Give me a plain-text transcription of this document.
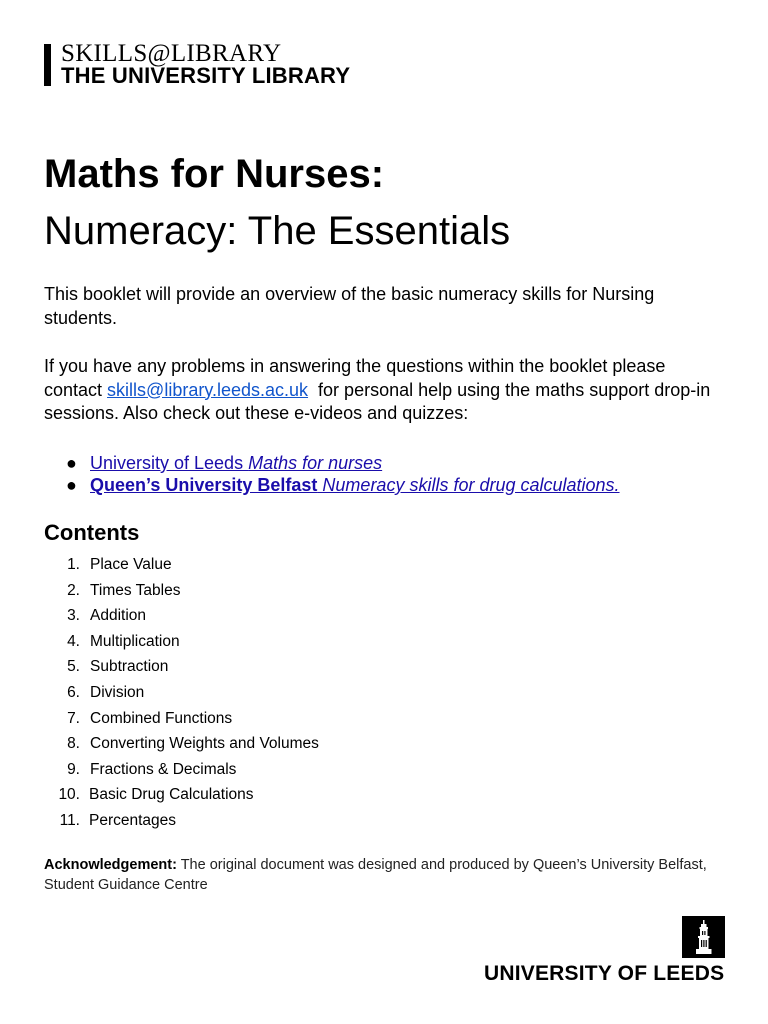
SKILLS@LIBRARY
THE UNIVERSITY LIBRARY
Maths for Nurses:
Numeracy: The Essentials

This booklet will provide an overview of the basic numeracy skills for Nursing students.

If you have any problems in answering the questions within the booklet please contact skills@library.leeds.ac.uk  for personal help using the maths support drop-in sessions. Also check out these e-videos and quizzes:

● University of Leeds Maths for nurses
● Queen’s University Belfast Numeracy skills for drug calculations.
Contents
1. Place Value
2. Times Tables
3. Addition
4. Multiplication
5. Subtraction
6. Division
7. Combined Functions
8. Converting Weights and Volumes
9. Fractions & Decimals
10. Basic Drug Calculations
11. Percentages

Acknowledgement: The original document was designed and produced by Queen’s University Belfast, Student Guidance Centre

UNIVERSITY OF LEEDS
